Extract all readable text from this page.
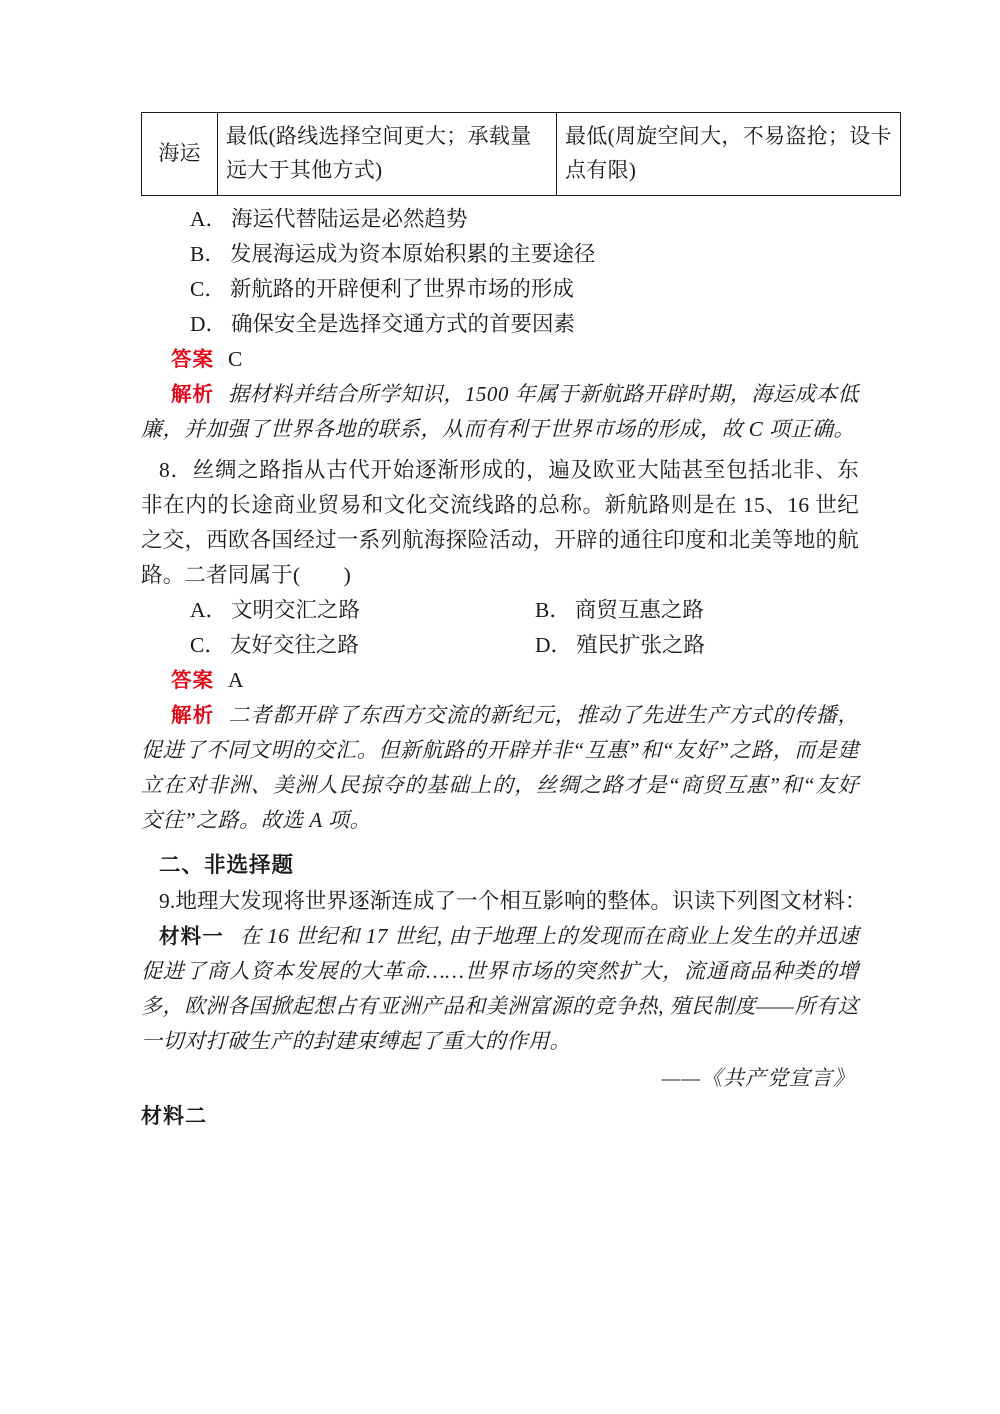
海运	最低(路线选择空间更大；承载量远大于其他方式)	最低(周旋空间大，不易盗抢；设卡点有限)
A． 海运代替陆运是必然趋势
B． 发展海运成为资本原始积累的主要途径
C． 新航路的开辟便利了世界市场的形成
D． 确保安全是选择交通方式的首要因素
答案 C
解析 据材料并结合所学知识，1500 年属于新航路开辟时期，海运成本低廉，并加强了世界各地的联系，从而有利于世界市场的形成，故 C 项正确。
8．丝绸之路指从古代开始逐渐形成的，遍及欧亚大陆甚至包括北非、东非在内的长途商业贸易和文化交流线路的总称。新航路则是在 15、16 世纪之交，西欧各国经过一系列航海探险活动，开辟的通往印度和北美等地的航路。二者同属于(　　)
A． 文明交汇之路	B． 商贸互惠之路
C． 友好交往之路	D． 殖民扩张之路
答案 A
解析 二者都开辟了东西方交流的新纪元，推动了先进生产方式的传播，促进了不同文明的交汇。但新航路的开辟并非“互惠”和“友好”之路，而是建立在对非洲、美洲人民掠夺的基础上的，丝绸之路才是“商贸互惠”和“友好交往”之路。故选 A 项。
二、非选择题
9.地理大发现将世界逐渐连成了一个相互影响的整体。识读下列图文材料：
材料一 在 16 世纪和 17 世纪, 由于地理上的发现而在商业上发生的并迅速促进了商人资本发展的大革命……世界市场的突然扩大，流通商品种类的增多，欧洲各国掀起想占有亚洲产品和美洲富源的竞争热, 殖民制度——所有这一切对打破生产的封建束缚起了重大的作用。
——《共产党宣言》
材料二
